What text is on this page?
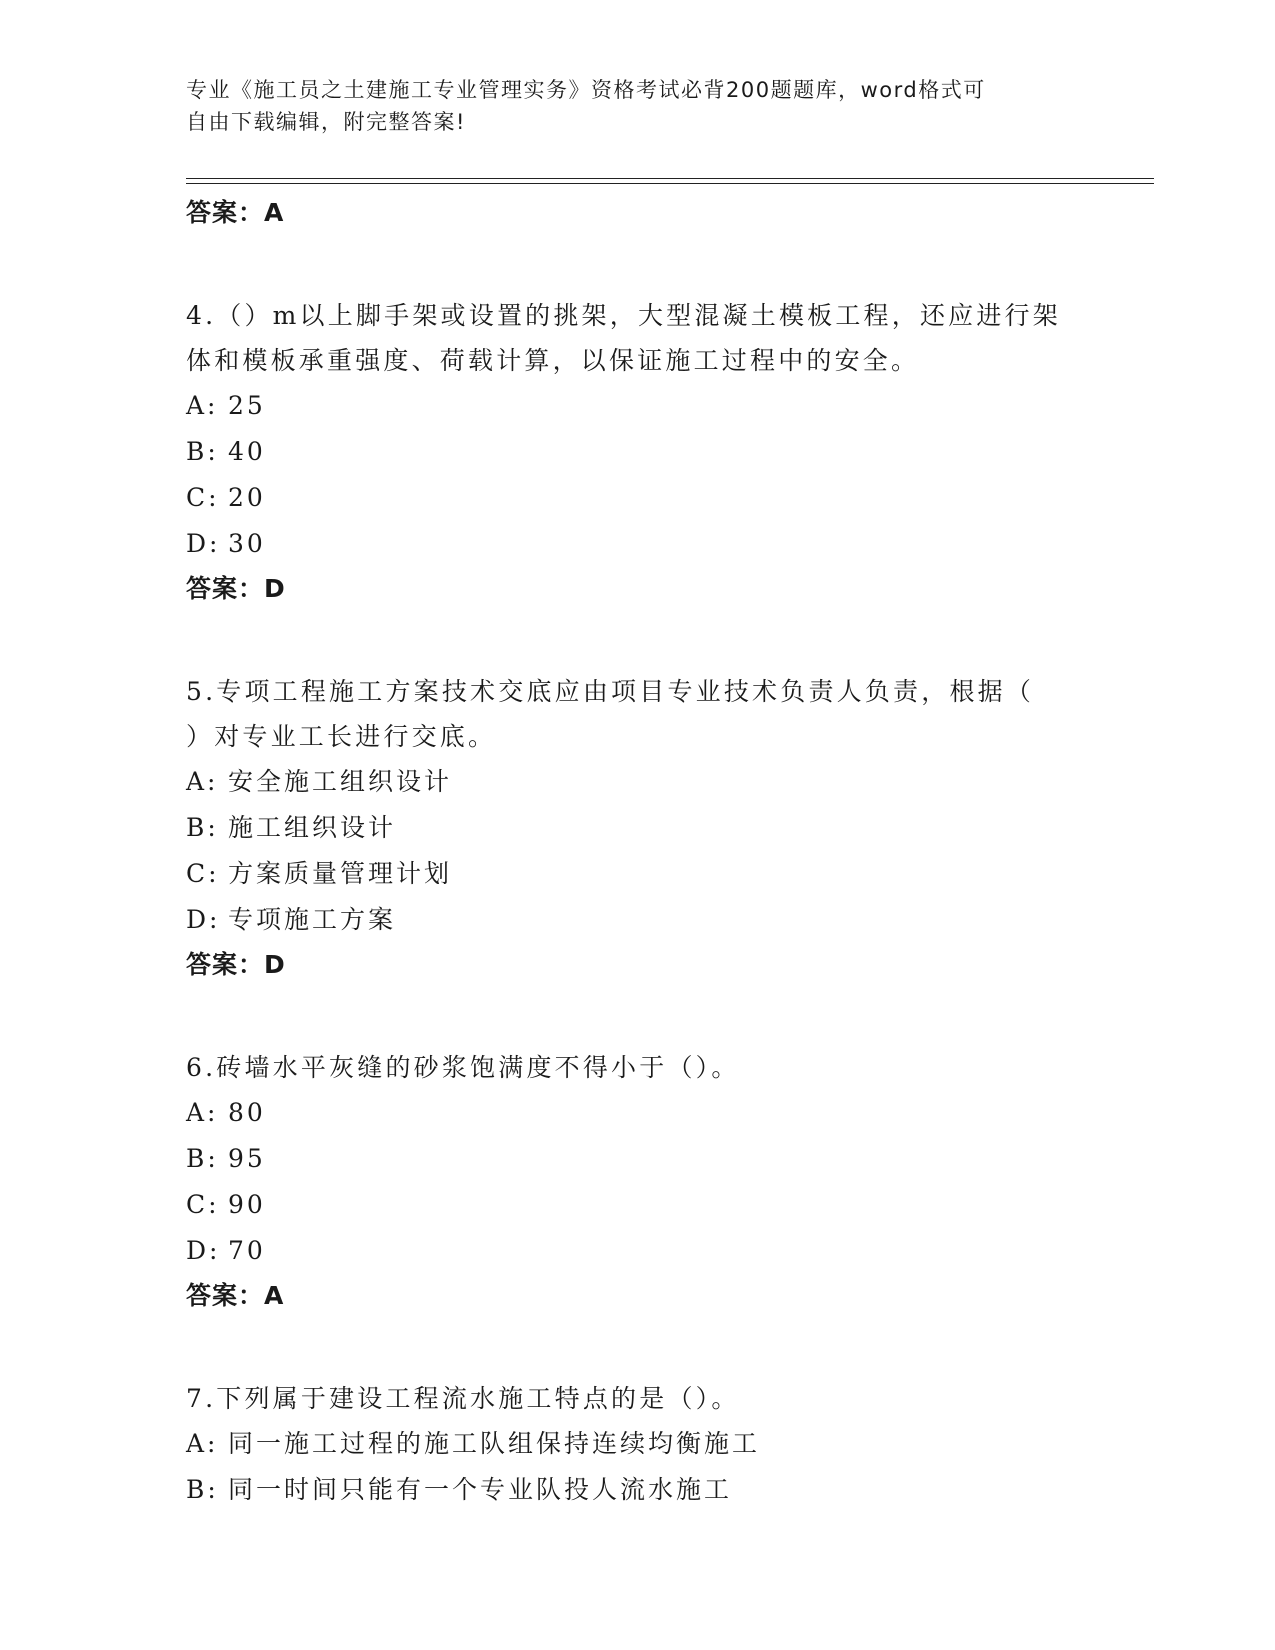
专业《施工员之土建施工专业管理实务》资格考试必背200题题库，word格式可
自由下载编辑，附完整答案!
答案：A
4.（）m以上脚手架或设置的挑架，大型混凝土模板工程，还应进行架
体和模板承重强度、荷载计算，以保证施工过程中的安全。
A: 25
B: 40
C: 20
D: 30
答案：D
5.专项工程施工方案技术交底应由项目专业技术负责人负责，根据（
）对专业工长进行交底。
A: 安全施工组织设计
B: 施工组织设计
C: 方案质量管理计划
D: 专项施工方案
答案：D
6.砖墙水平灰缝的砂浆饱满度不得小于（）。
A: 80
B: 95
C: 90
D: 70
答案：A
7.下列属于建设工程流水施工特点的是（）。
A: 同一施工过程的施工队组保持连续均衡施工
B: 同一时间只能有一个专业队投人流水施工
